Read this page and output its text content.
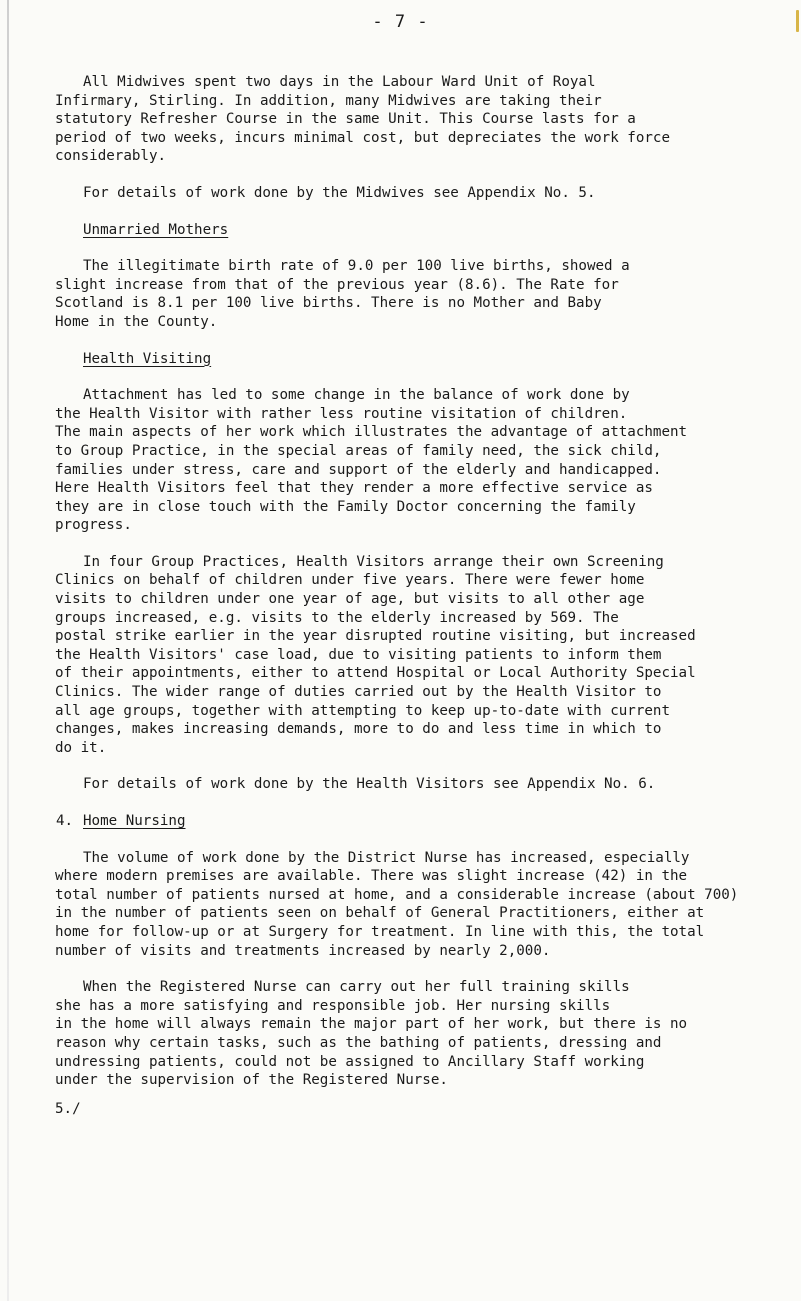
- 7 -

All Midwives spent two days in the Labour Ward Unit of Royal

Infirmary, Stirling. In addition, many Midwives are taking their

statutory Refresher Course in the same Unit. This Course lasts for a

period of two weeks, incurs minimal cost, but depreciates the work force

considerably.

For details of work done by the Midwives see Appendix No. 5.

Unmarried Mothers

The illegitimate birth rate of 9.0 per 100 live births, showed a

slight increase from that of the previous year (8.6). The Rate for

Scotland is 8.1 per 100 live births. There is no Mother and Baby

Home in the County.

Health Visiting

Attachment has led to some change in the balance of work done by

the Health Visitor with rather less routine visitation of children.

The main aspects of her work which illustrates the advantage of attachment

to Group Practice, in the special areas of family need, the sick child,

families under stress, care and support of the elderly and handicapped.

Here Health Visitors feel that they render a more effective service as

they are in close touch with the Family Doctor concerning the family

progress.

In four Group Practices, Health Visitors arrange their own Screening

Clinics on behalf of children under five years. There were fewer home

visits to children under one year of age, but visits to all other age

groups increased, e.g. visits to the elderly increased by 569. The

postal strike earlier in the year disrupted routine visiting, but increased

the Health Visitors' case load, due to visiting patients to inform them

of their appointments, either to attend Hospital or Local Authority Special

Clinics. The wider range of duties carried out by the Health Visitor to

all age groups, together with attempting to keep up-to-date with current

changes, makes increasing demands, more to do and less time in which to

do it.

For details of work done by the Health Visitors see Appendix No. 6.

4. Home Nursing

The volume of work done by the District Nurse has increased, especially

where modern premises are available. There was slight increase (42) in the

total number of patients nursed at home, and a considerable increase (about 700)

in the number of patients seen on behalf of General Practitioners, either at

home for follow-up or at Surgery for treatment. In line with this, the total

number of visits and treatments increased by nearly 2,000.

When the Registered Nurse can carry out her full training skills

she has a more satisfying and responsible job. Her nursing skills

in the home will always remain the major part of her work, but there is no

reason why certain tasks, such as the bathing of patients, dressing and

undressing patients, could not be assigned to Ancillary Staff working

under the supervision of the Registered Nurse.

5./
